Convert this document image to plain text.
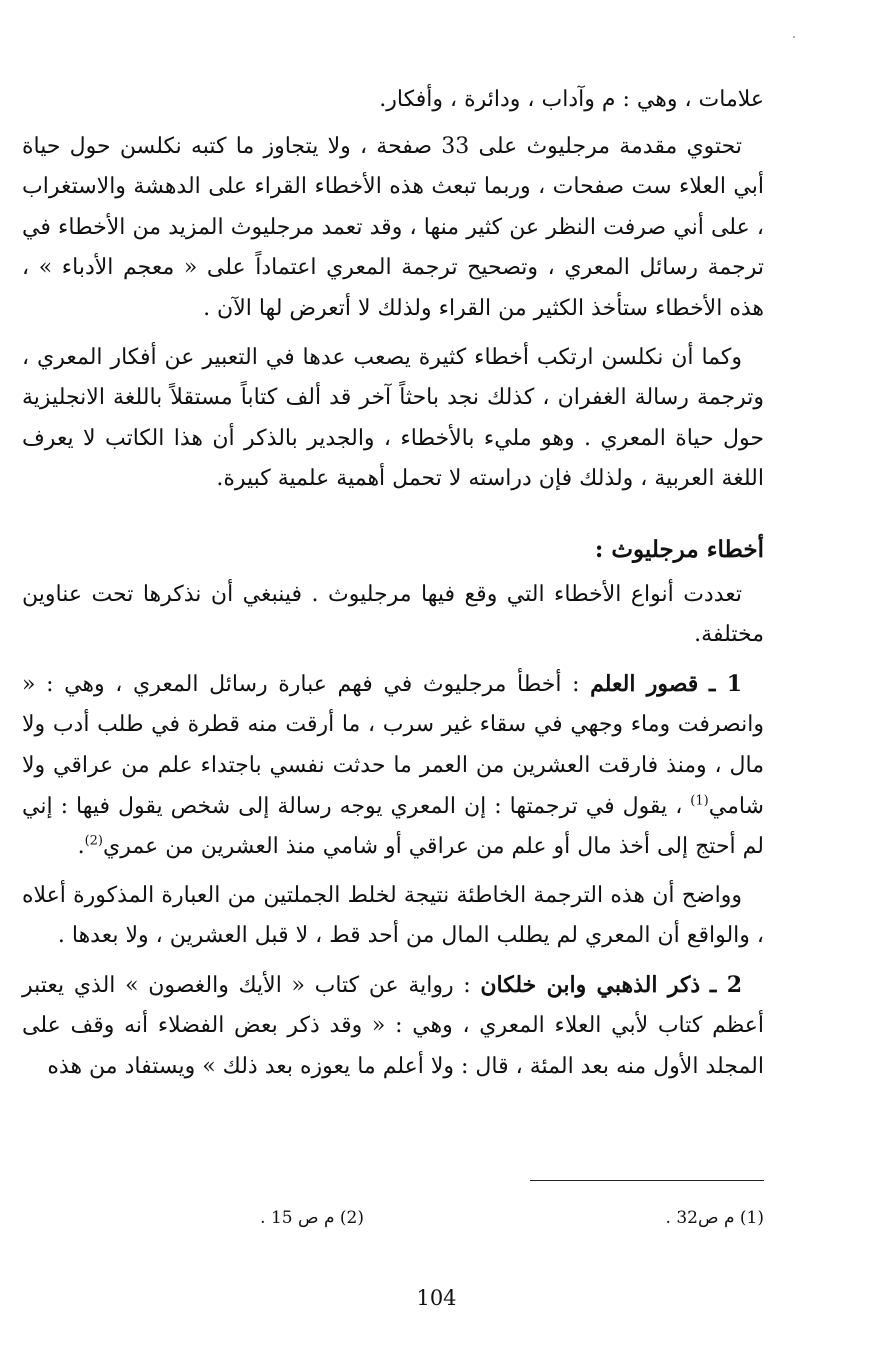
علامات ، وهي : م وآداب ، ودائرة ، وأفكار.

تحتوي مقدمة مرجليوث على 33 صفحة ، ولا يتجاوز ما كتبه نكلسن حول حياة أبي العلاء ست صفحات ، وربما تبعث هذه الأخطاء القراء على الدهشة والاستغراب ، على أني صرفت النظر عن كثير منها ، وقد تعمد مرجليوث المزيد من الأخطاء في ترجمة رسائل المعري ، وتصحيح ترجمة المعري اعتماداً على « معجم الأدباء » ، هذه الأخطاء ستأخذ الكثير من القراء ولذلك لا أتعرض لها الآن .

وكما أن نكلسن ارتكب أخطاء كثيرة يصعب عدها في التعبير عن أفكار المعري ، وترجمة رسالة الغفران ، كذلك نجد باحثاً آخر قد ألف كتاباً مستقلاً باللغة الانجليزية حول حياة المعري . وهو مليء بالأخطاء ، والجدير بالذكر أن هذا الكاتب لا يعرف اللغة العربية ، ولذلك فإن دراسته لا تحمل أهمية علمية كبيرة.

أخطاء مرجليوث :

تعددت أنواع الأخطاء التي وقع فيها مرجليوث . فينبغي أن نذكرها تحت عناوين مختلفة.

1 ـ قصور العلم : أخطأ مرجليوث في فهم عبارة رسائل المعري ، وهي : « وانصرفت وماء وجهي في سقاء غير سرب ، ما أرقت منه قطرة في طلب أدب ولا مال ، ومنذ فارقت العشرين من العمر ما حدثت نفسي باجتداء علم من عراقي ولا شامي$^{(1)}$ ، يقول في ترجمتها : إن المعري يوجه رسالة إلى شخص يقول فيها : إني لم أحتج إلى أخذ مال أو علم من عراقي أو شامي منذ العشرين من عمري$^{(2)}$.

وواضح أن هذه الترجمة الخاطئة نتيجة لخلط الجملتين من العبارة المذكورة أعلاه ، والواقع أن المعري لم يطلب المال من أحد قط ، لا قبل العشرين ، ولا بعدها .

2 ـ ذكر الذهبي وابن خلكان : رواية عن كتاب « الأيك والغصون » الذي يعتبر أعظم كتاب لأبي العلاء المعري ، وهي : « وقد ذكر بعض الفضلاء أنه وقف على المجلد الأول منه بعد المئة ، قال : ولا أعلم ما يعوزه بعد ذلك » ويستفاد من هذه

(1) م ص32 .
(2) م ص 15 .
104
